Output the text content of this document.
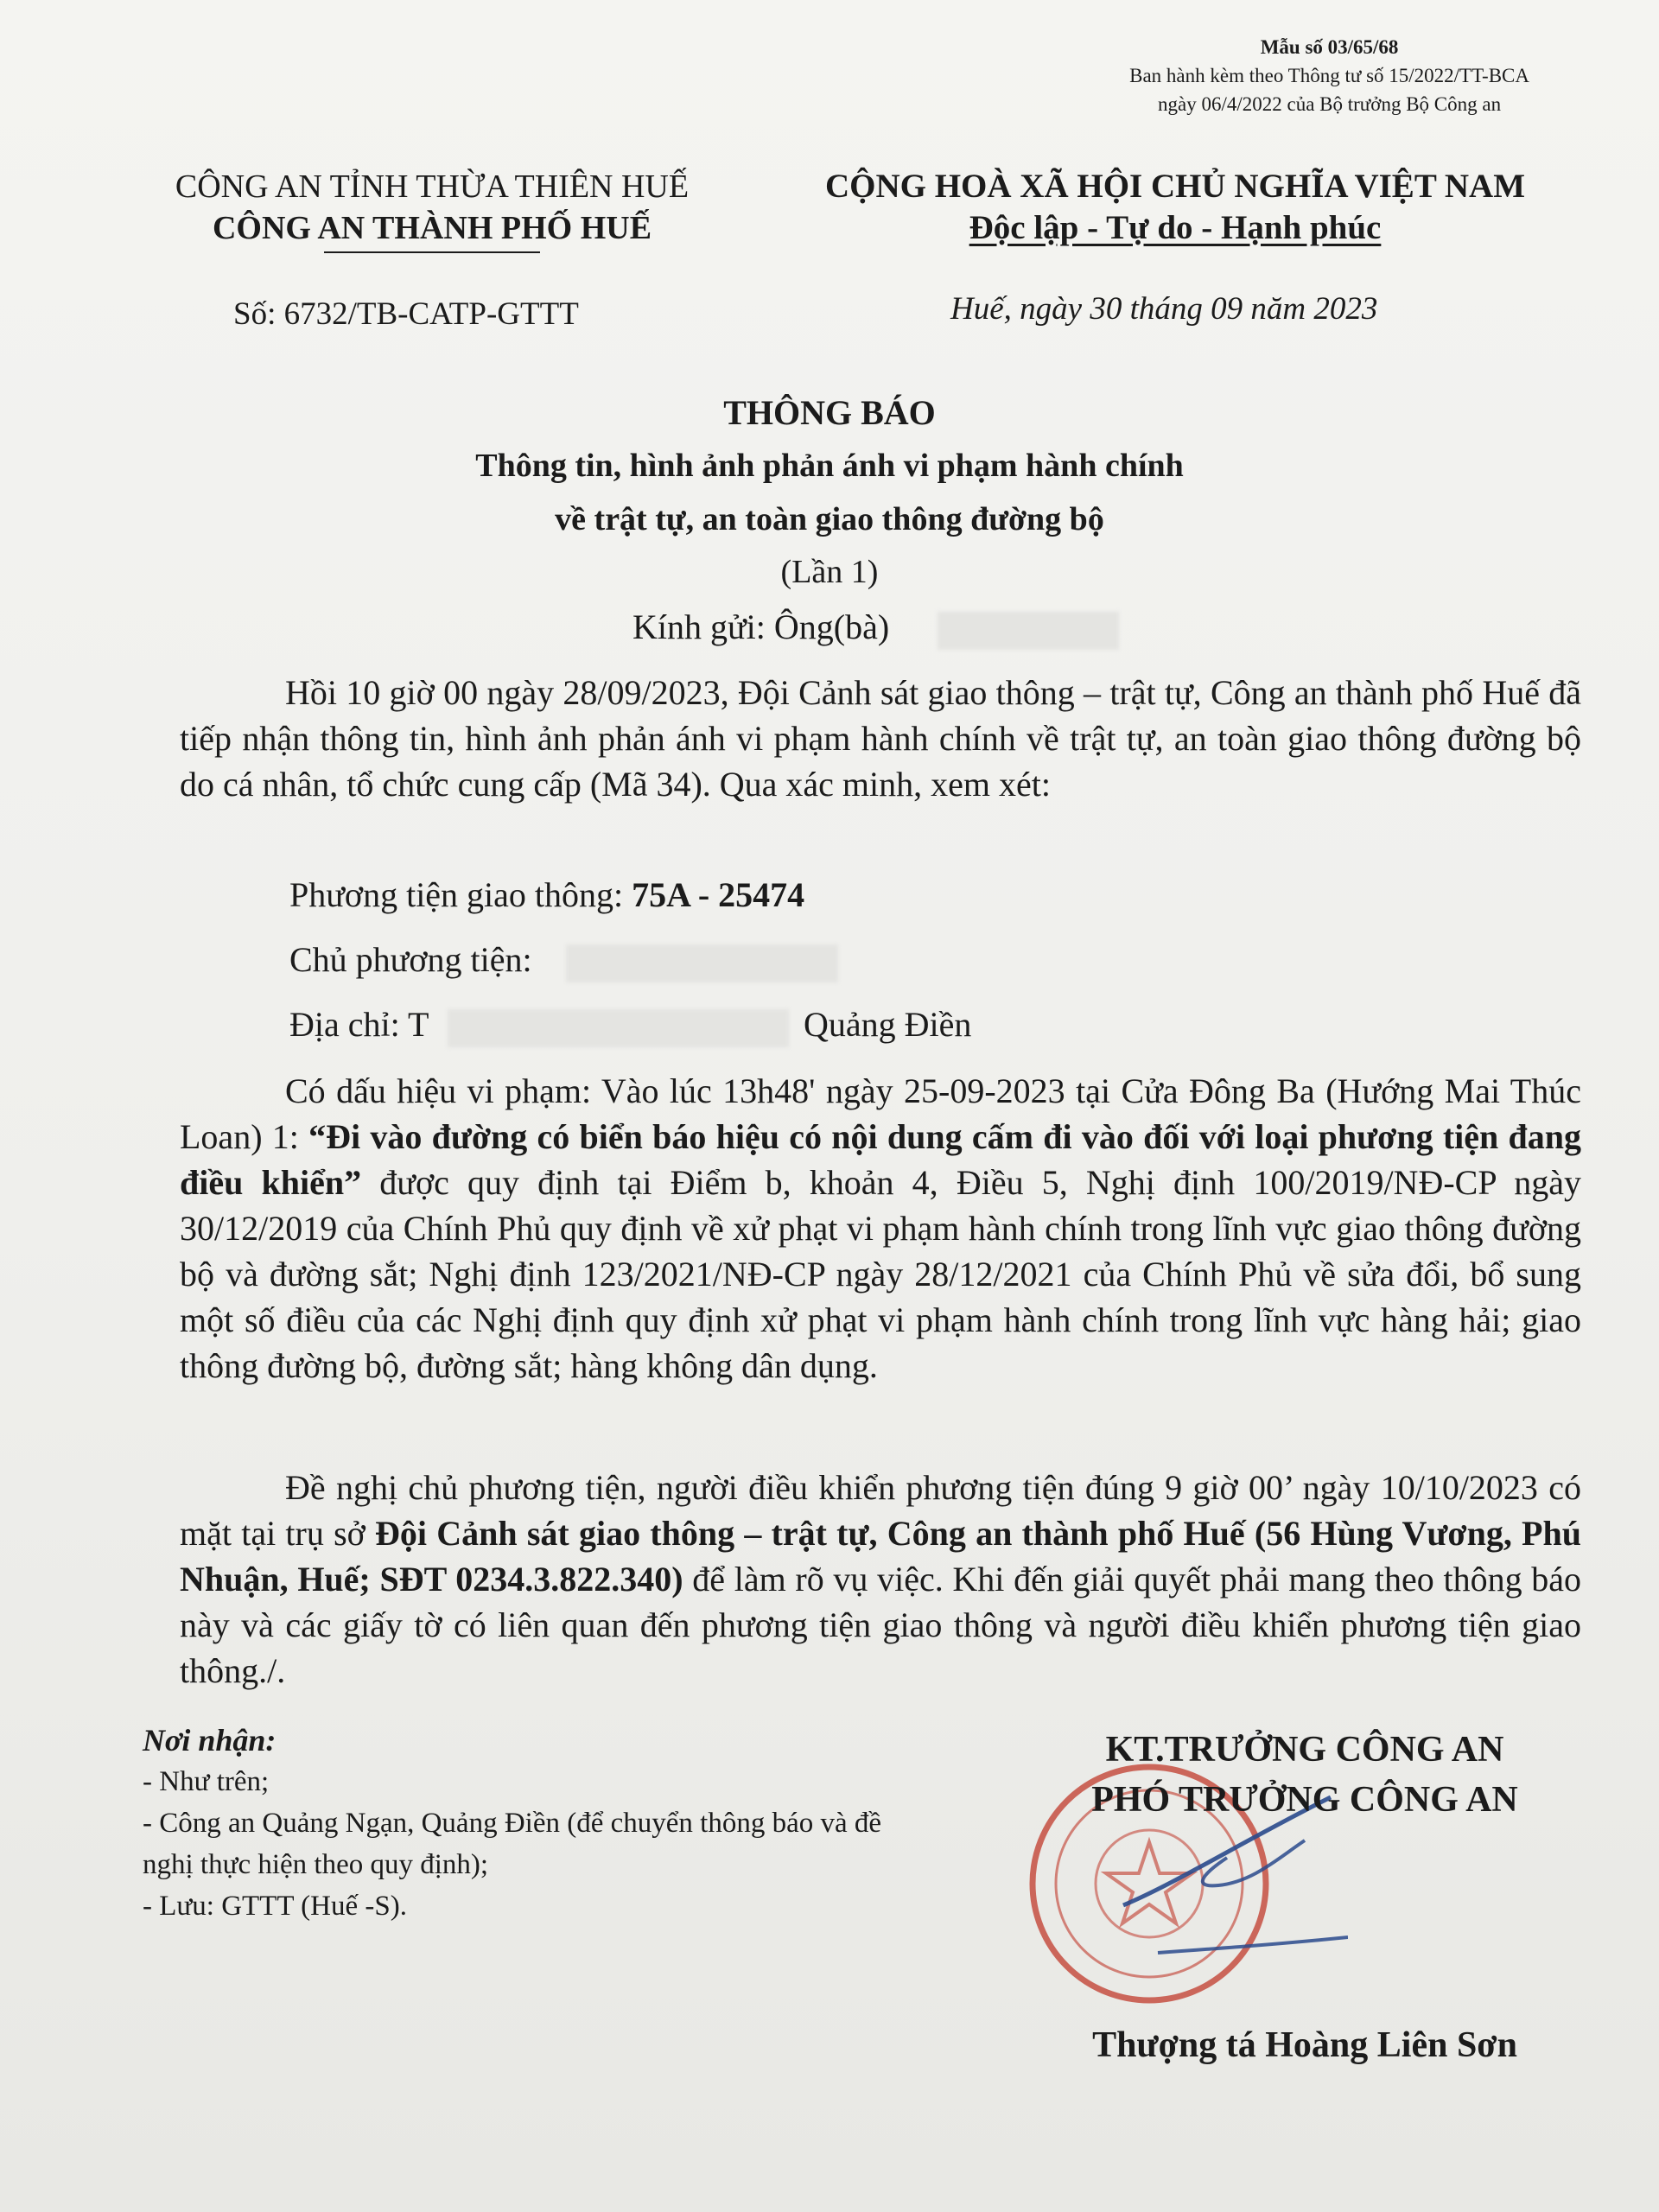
Mẫu số 03/65/68
Ban hành kèm theo Thông tư số 15/2022/TT-BCA
ngày 06/4/2022 của Bộ trưởng Bộ Công an
CÔNG AN TỈNH THỪA THIÊN HUẾ
CÔNG AN THÀNH PHỐ HUẾ
CỘNG HOÀ XÃ HỘI CHỦ NGHĨA VIỆT NAM
Độc lập - Tự do - Hạnh phúc
Số: 6732/TB-CATP-GTTT	Huế, ngày 30 tháng 09 năm 2023
THÔNG BÁO
Thông tin, hình ảnh phản ánh vi phạm hành chính
về trật tự, an toàn giao thông đường bộ
(Lần 1)
Kính gửi: Ông(bà)

Hồi 10 giờ 00 ngày 28/09/2023, Đội Cảnh sát giao thông – trật tự, Công an thành phố Huế đã tiếp nhận thông tin, hình ảnh phản ánh vi phạm hành chính về trật tự, an toàn giao thông đường bộ do cá nhân, tổ chức cung cấp (Mã 34). Qua xác minh, xem xét:

Phương tiện giao thông: 75A - 25474
Chủ phương tiện:
Địa chỉ: T	Quảng Điền

Có dấu hiệu vi phạm: Vào lúc 13h48' ngày 25-09-2023 tại Cửa Đông Ba (Hướng Mai Thúc Loan) 1: “Đi vào đường có biển báo hiệu có nội dung cấm đi vào đối với loại phương tiện đang điều khiển” được quy định tại Điểm b, khoản 4, Điều 5, Nghị định 100/2019/NĐ-CP ngày 30/12/2019 của Chính Phủ quy định về xử phạt vi phạm hành chính trong lĩnh vực giao thông đường bộ và đường sắt; Nghị định 123/2021/NĐ-CP ngày 28/12/2021 của Chính Phủ về sửa đổi, bổ sung một số điều của các Nghị định quy định xử phạt vi phạm hành chính trong lĩnh vực hàng hải; giao thông đường bộ, đường sắt; hàng không dân dụng.

Đề nghị chủ phương tiện, người điều khiển phương tiện đúng 9 giờ 00’ ngày 10/10/2023 có mặt tại trụ sở Đội Cảnh sát giao thông – trật tự, Công an thành phố Huế (56 Hùng Vương, Phú Nhuận, Huế; SĐT 0234.3.822.340) để làm rõ vụ việc. Khi đến giải quyết phải mang theo thông báo này và các giấy tờ có liên quan đến phương tiện giao thông và người điều khiển phương tiện giao thông./.

Nơi nhận:
- Như trên;
- Công an Quảng Ngạn, Quảng Điền (để chuyển thông báo và đề nghị thực hiện theo quy định);
- Lưu: GTTT (Huế -S).
KT.TRƯỞNG CÔNG AN
PHÓ TRƯỞNG CÔNG AN
Thượng tá Hoàng Liên Sơn
